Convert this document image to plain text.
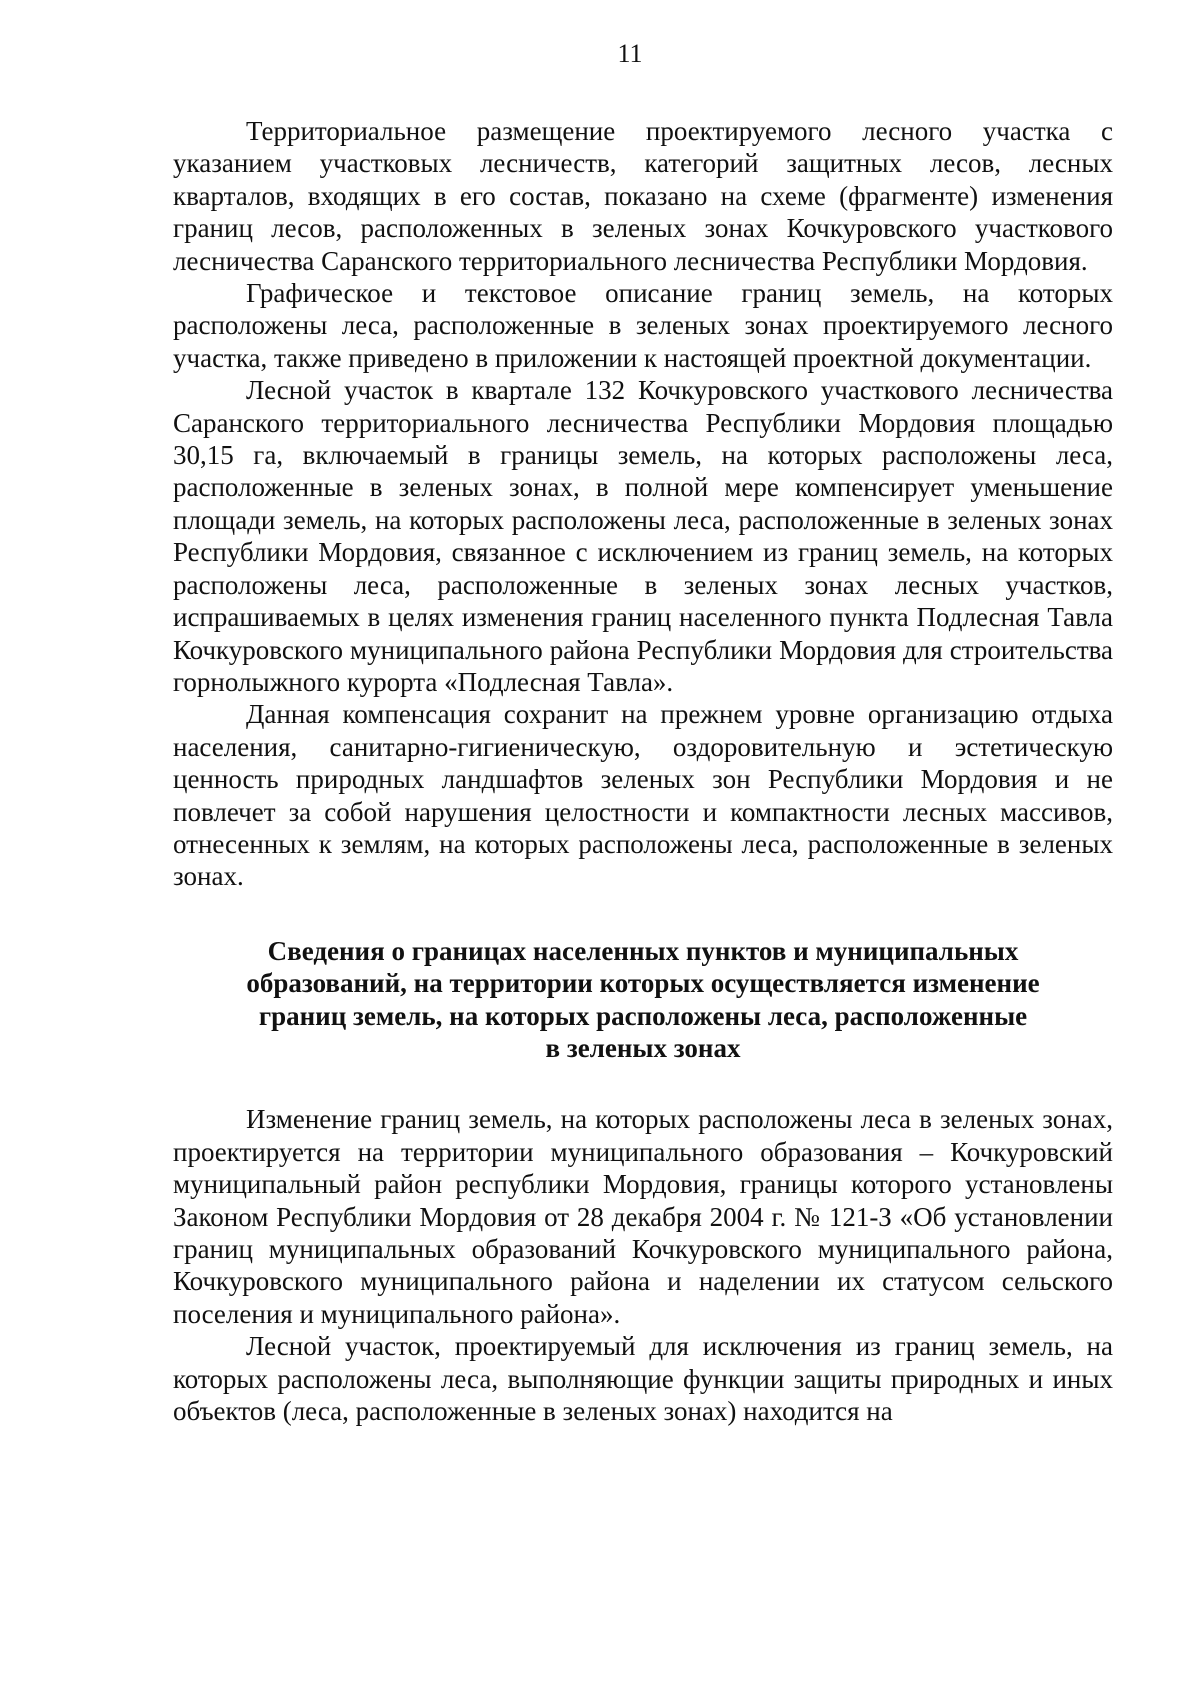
11

Территориальное размещение проектируемого лесного участка с указанием участковых лесничеств, категорий защитных лесов, лесных кварталов, входящих в его состав, показано на схеме (фрагменте) изменения границ лесов, расположенных в зеленых зонах Кочкуровского участкового лесничества Саранского территориального лесничества Республики Мордовия.

Графическое и текстовое описание границ земель, на которых расположены леса, расположенные в зеленых зонах проектируемого лесного участка, также приведено в приложении к настоящей проектной документации.

Лесной участок в квартале 132 Кочкуровского участкового лесничества Саранского территориального лесничества Республики Мордовия площадью 30,15 га, включаемый в границы земель, на которых расположены леса, расположенные в зеленых зонах, в полной мере компенсирует уменьшение площади земель, на которых расположены леса, расположенные в зеленых зонах Республики Мордовия, связанное с исключением из границ земель, на которых расположены леса, расположенные в зеленых зонах лесных участков, испрашиваемых в целях изменения границ населенного пункта Подлесная Тавла Кочкуровского муниципального района Республики Мордовия для строительства горнолыжного курорта «Подлесная Тавла».

Данная компенсация сохранит на прежнем уровне организацию отдыха населения, санитарно-гигиеническую, оздоровительную и эстетическую ценность природных ландшафтов зеленых зон Республики Мордовия и не повлечет за собой нарушения целостности и компактности лесных массивов, отнесенных к землям, на которых расположены леса, расположенные в зеленых зонах.

Сведения о границах населенных пунктов и муниципальных
образований, на территории которых осуществляется изменение
границ земель, на которых расположены леса, расположенные
в зеленых зонах

Изменение границ земель, на которых расположены леса в зеленых зонах, проектируется на территории муниципального образования – Кочкуровский муниципальный район республики Мордовия, границы которого установлены Законом Республики Мордовия от 28 декабря 2004 г. № 121-З «Об установлении границ муниципальных образований Кочкуровского муниципального района, Кочкуровского муниципального района и наделении их статусом сельского поселения и муниципального района».

Лесной участок, проектируемый для исключения из границ земель, на которых расположены леса, выполняющие функции защиты природных и иных объектов (леса, расположенные в зеленых зонах) находится на
